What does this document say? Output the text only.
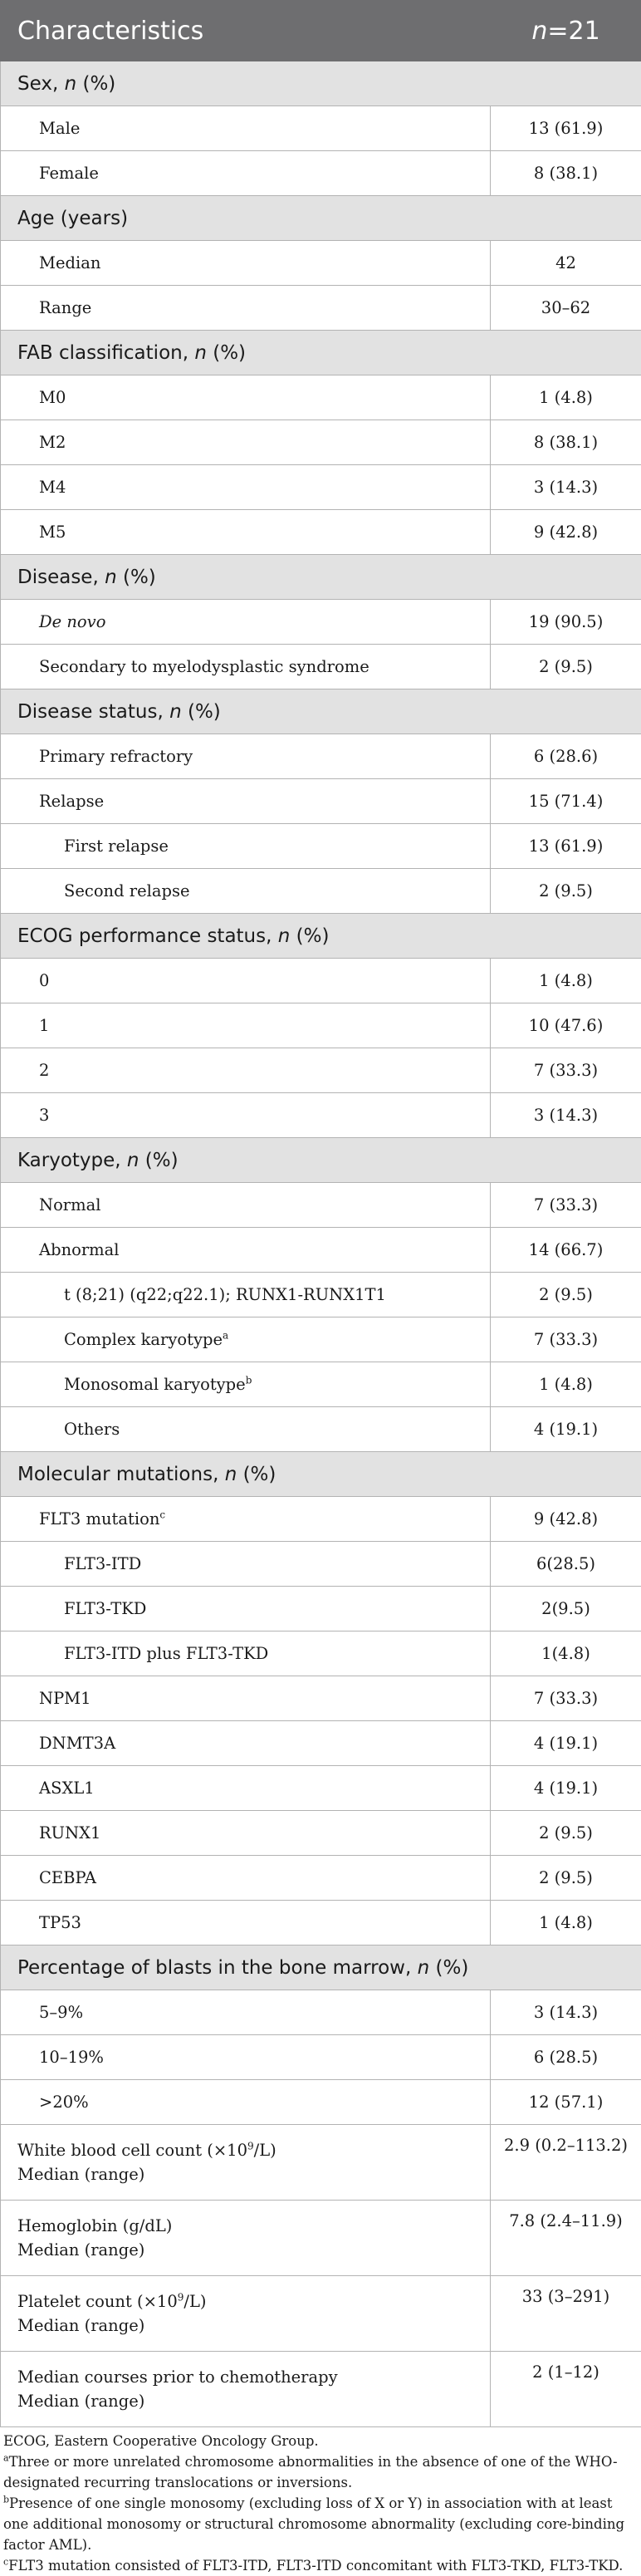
Characteristics	n=21
Sex, n (%)	
Male	13 (61.9)
Female	8 (38.1)
Age (years)	
Median	42
Range	30–62
FAB classification, n (%)	
M0	1 (4.8)
M2	8 (38.1)
M4	3 (14.3)
M5	9 (42.8)
Disease, n (%)	
De novo	19 (90.5)
Secondary to myelodysplastic syndrome	2 (9.5)
Disease status, n (%)	
Primary refractory	6 (28.6)
Relapse	15 (71.4)
First relapse	13 (61.9)
Second relapse	2 (9.5)
ECOG performance status, n (%)	
0	1 (4.8)
1	10 (47.6)
2	7 (33.3)
3	3 (14.3)
Karyotype, n (%)	
Normal	7 (33.3)
Abnormal	14 (66.7)
t (8;21) (q22;q22.1); RUNX1-RUNX1T1	2 (9.5)
Complex karyotype$^a$	7 (33.3)
Monosomal karyotype$^b$	1 (4.8)
Others	4 (19.1)
Molecular mutations, n (%)	
FLT3 mutation$^c$	9 (42.8)
FLT3-ITD	6(28.5)
FLT3-TKD	2(9.5)
FLT3-ITD plus FLT3-TKD	1(4.8)
NPM1	7 (33.3)
DNMT3A	4 (19.1)
ASXL1	4 (19.1)
RUNX1	2 (9.5)
CEBPA	2 (9.5)
TP53	1 (4.8)
Percentage of blasts in the bone marrow, n (%)	
5–9%	3 (14.3)
10–19%	6 (28.5)
>20%	12 (57.1)
White blood cell count $(\times 10^9/L)$
Median (range)	2.9 (0.2–113.2)
Hemoglobin (g/dL)
Median (range)	7.8 (2.4–11.9)
Platelet count $(\times 10^9/L)$
Median (range)	33 (3–291)
Median courses prior to chemotherapy
Median (range)	2 (1–12)

ECOG, Eastern Cooperative Oncology Group.

$^a$Three or more unrelated chromosome abnormalities in the absence of one of the WHO-designated recurring translocations or inversions.

$^b$Presence of one single monosomy (excluding loss of X or Y) in association with at least one additional monosomy or structural chromosome abnormality (excluding core-binding factor AML).

$^c$FLT3 mutation consisted of FLT3-ITD, FLT3-ITD concomitant with FLT3-TKD, FLT3-TKD.
